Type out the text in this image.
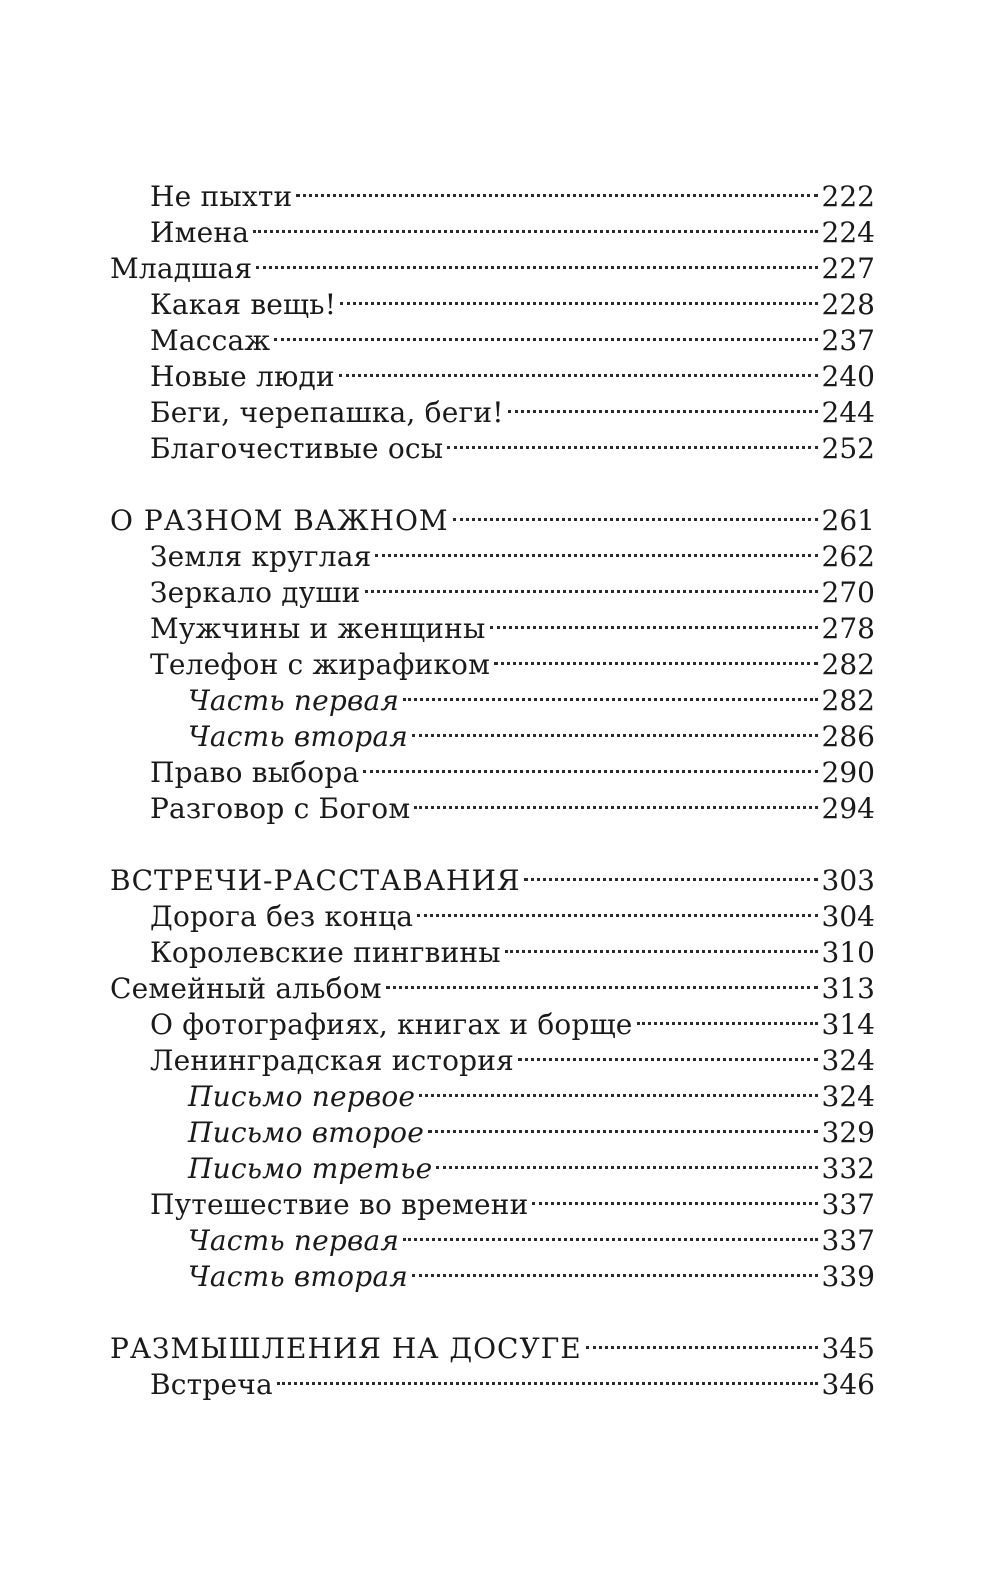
Не пыхти	222
Имена	224
Младшая	227
Какая вещь!	228
Массаж	237
Новые люди	240
Беги, черепашка, беги!	244
Благочестивые осы	252
О РАЗНОМ ВАЖНОМ	261
Земля круглая	262
Зеркало души	270
Мужчины и женщины	278
Телефон с жирафиком	282
Часть первая	282
Часть вторая	286
Право выбора	290
Разговор с Богом	294
ВСТРЕЧИ-РАССТАВАНИЯ	303
Дорога без конца	304
Королевские пингвины	310
Семейный альбом	313
О фотографиях, книгах и борще	314
Ленинградская история	324
Письмо первое	324
Письмо второе	329
Письмо третье	332
Путешествие во времени	337
Часть первая	337
Часть вторая	339
РАЗМЫШЛЕНИЯ НА ДОСУГЕ	345
Встреча	346
